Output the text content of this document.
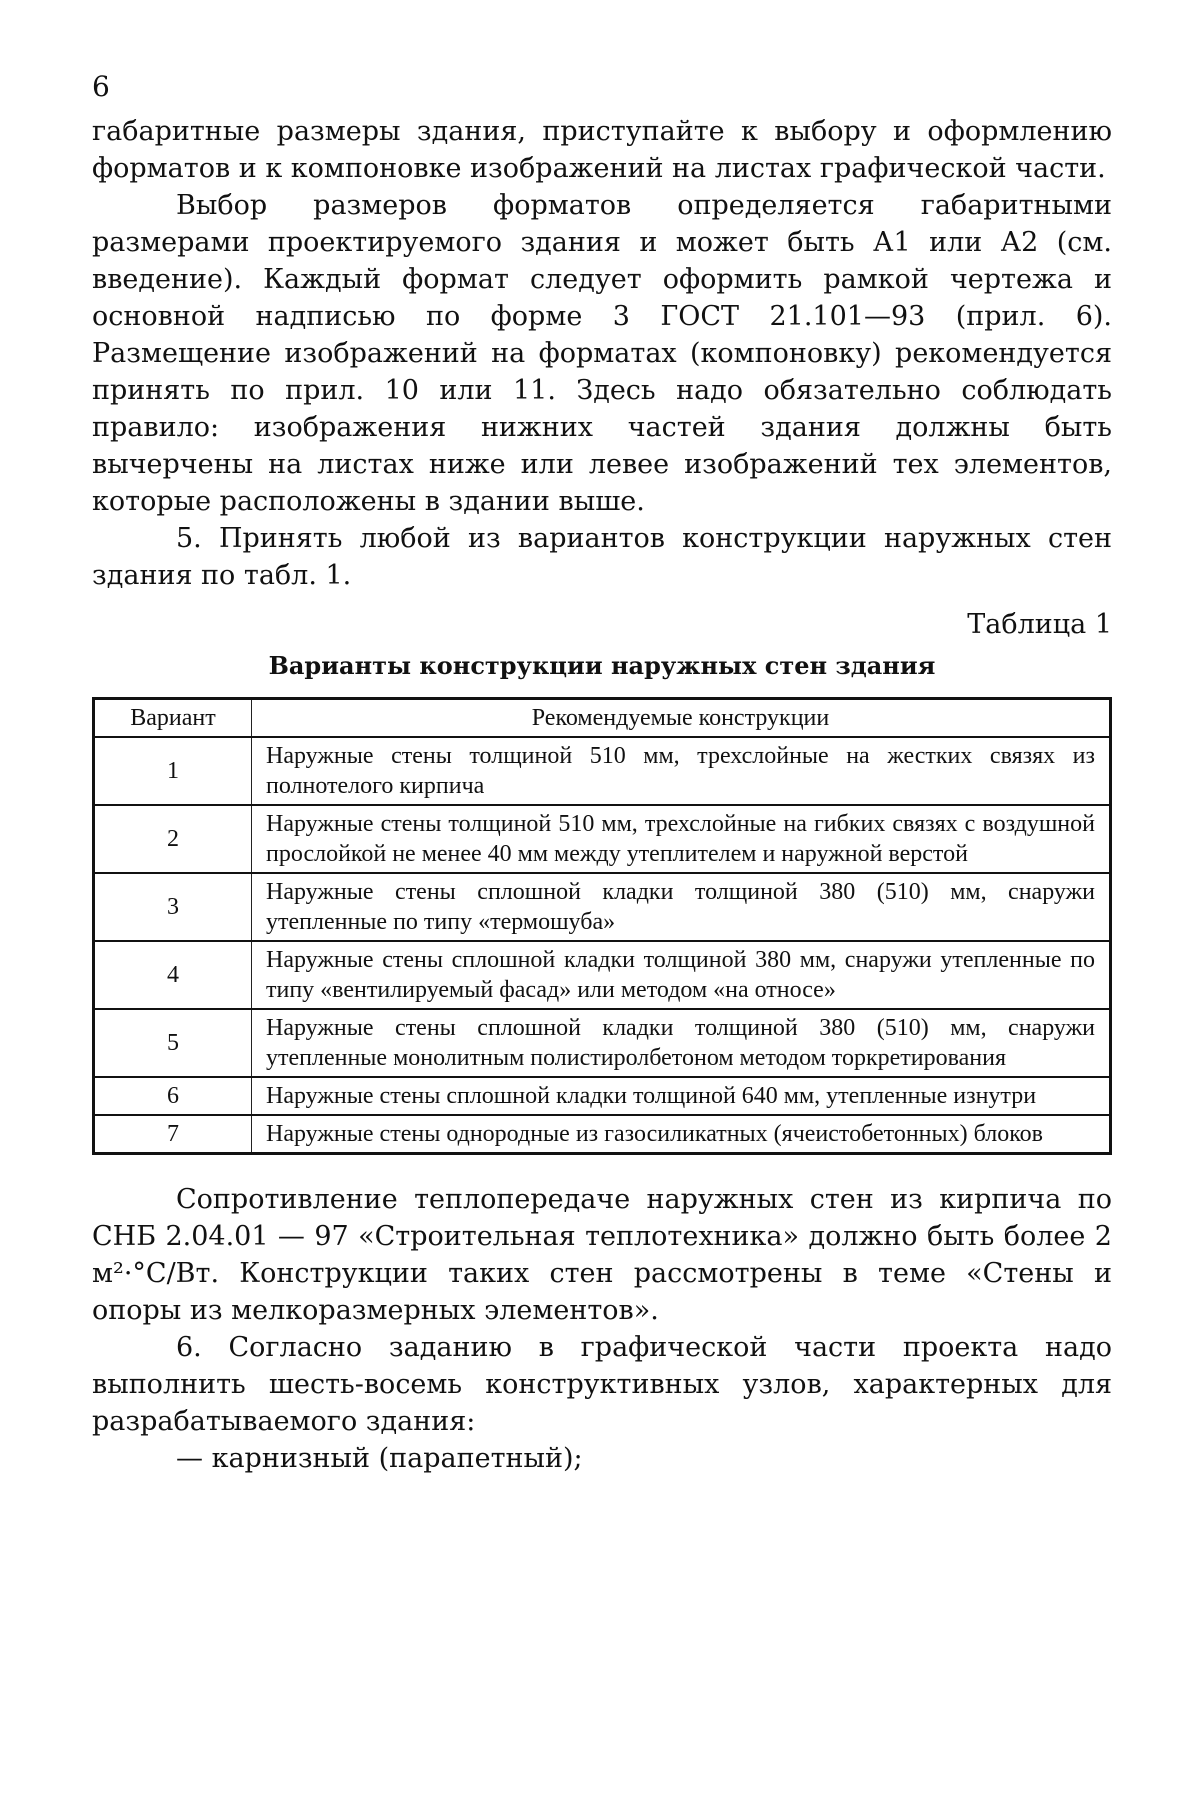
6

габаритные размеры здания, приступайте к выбору и оформлению форматов и к компоновке изображений на листах графической части.

Выбор размеров форматов определяется габаритными размерами проектируемого здания и может быть А1 или А2 (см. введение). Каждый формат следует оформить рамкой чертежа и основной надписью по форме 3 ГОСТ 21.101—93 (прил. 6). Размещение изображений на форматах (компоновку) рекомендуется принять по прил. 10 или 11. Здесь надо обязательно соблюдать правило: изображения нижних частей здания должны быть вычерчены на листах ниже или левее изображений тех элементов, которые расположены в здании выше.

5. Принять любой из вариантов конструкции наружных стен здания по табл. 1.

Таблица 1
Варианты конструкции наружных стен здания
Вариант	Рекомендуемые конструкции
1	Наружные стены толщиной 510 мм, трехслойные на жестких связях из полнотелого кирпича
2	Наружные стены толщиной 510 мм, трехслойные на гибких связях с воздушной прослойкой не менее 40 мм между утеплителем и наружной верстой
3	Наружные стены сплошной кладки толщиной 380 (510) мм, снаружи утепленные по типу «термошуба»
4	Наружные стены сплошной кладки толщиной 380 мм, снаружи утепленные по типу «вентилируемый фасад» или методом «на относе»
5	Наружные стены сплошной кладки толщиной 380 (510) мм, снаружи утепленные монолитным полистиролбетоном методом торкретирования
6	Наружные стены сплошной кладки толщиной 640 мм, утепленные изнутри
7	Наружные стены однородные из газосиликатных (ячеистобетонных) блоков

Сопротивление теплопередаче наружных стен из кирпича по СНБ 2.04.01 — 97 «Строительная теплотехника» должно быть более 2 м²·°С/Вт. Конструкции таких стен рассмотрены в теме «Стены и опоры из мелкоразмерных элементов».

6. Согласно заданию в графической части проекта надо выполнить шесть-восемь конструктивных узлов, характерных для разрабатываемого здания:

— карнизный (парапетный);
